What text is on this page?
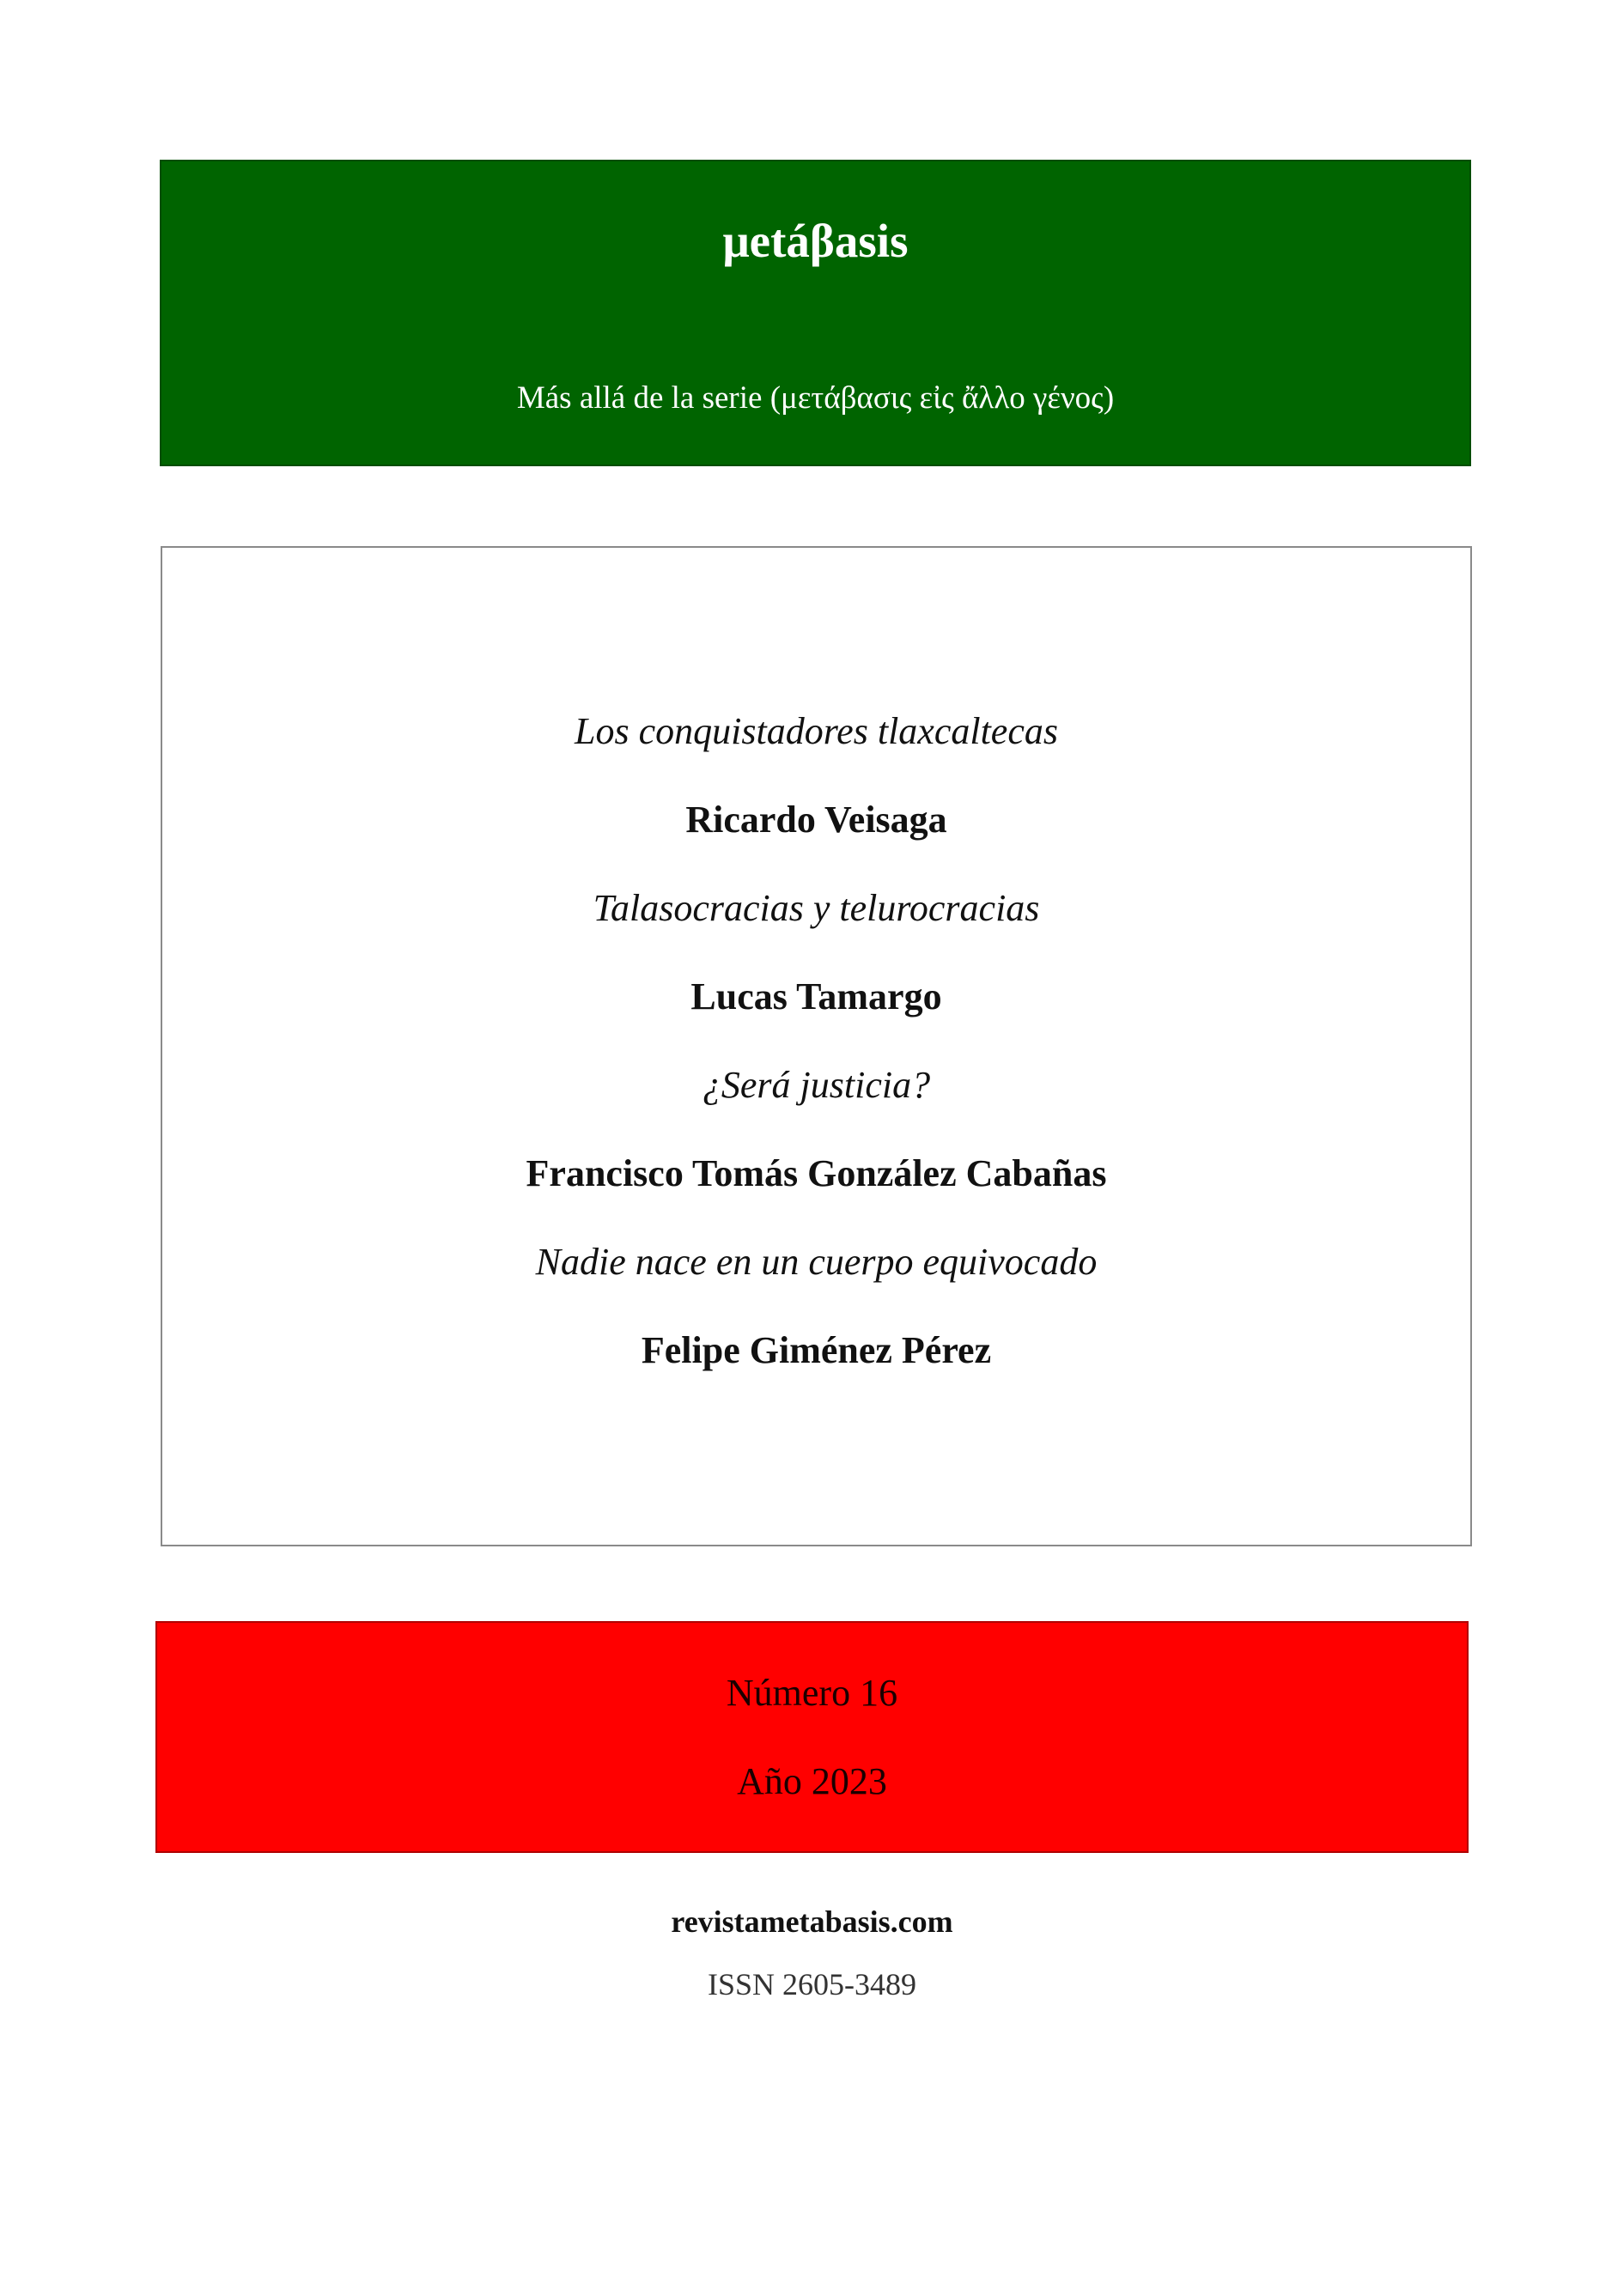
μetáβasis
Más allá de la serie (μετάβασις εἰς ἄλλο γένος)
Los conquistadores tlaxcaltecas
Ricardo Veisaga
Talasocracias y telurocracias
Lucas Tamargo
¿Será justicia?
Francisco Tomás González Cabañas
Nadie nace en un cuerpo equivocado
Felipe Giménez Pérez
Número 16
Año 2023
revistametabasis.com
ISSN 2605-3489
